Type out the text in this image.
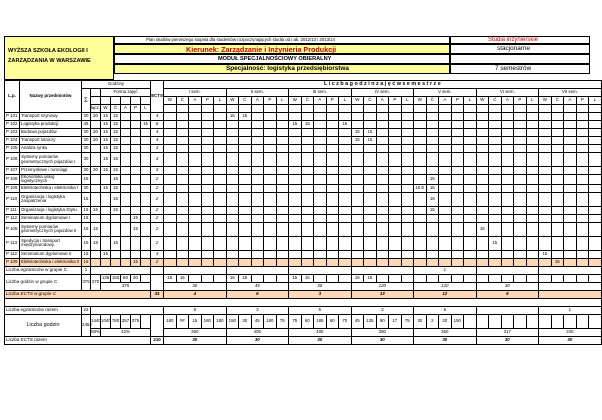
WYŻSZA SZKOŁA EKOLOGII I
ZARZĄDZANIA W WARSZAWIE
Plan studiów pierwszego stopnia dla studentów rozpoczynających studia od r.ak. 2012/13 i 2013/14	Studia inżynierskie
Kierunek: Zarządzanie i Inżynieria Produkcji	stacjonarne
MODUŁ SPECJALNOŚCIOWY OBIERALNY
Specjalność: logistyka przedsiębiorstwa	7 semestrów
L.p.	Nazwy przedmiotów	Godziny							ECTS	L i c z b a g o d z i n z a j ę ć w s e m e s t r z e																																		
		Σ		Forma zajęć						I sem.					II sem.					III sem.					IV sem.					V sem.					VI sem.					VII sem.				
										W	Ć	A	P	L	W	Ć	A	P	L	W	Ć	A	P	L	W	Ć	A	P	L	W	Ć	A	P	L	W	Ć	A	P	L	W	Ć	A	P	L
			łącz.	W	Ć	A	P	L																																				
P 101	Transport szynowy	30	30	15	15				4						15	15																												
P 102	Logistyka produkcji	45		15	15			15	6											15	15			15																				
P 103	Budowa pojazdów	30	30	15	15				4																15	15																		
P 104	Transport lotniczy	30	30	15	15				4																15	15																		
P 105	Analiza rynku	30		15	15				3																																			
P 106	Systemy pomiarów geometrycznych pojazdów I	30		15	15				3																																			
P 107	Przemysłowe i rurociągi	30	30	15	15				3																																			
P 108	Ekonomika usług logistycznych	15			15				2																						15													
P 109	Elektrotechnika i elektronika I	30		15	15				2																					15 E	15													
P 110	Organizacja i logistyka zaopatrzenia	15			15				2																						15													
P 111	Organizacja i logistyka zbytu	15	15		15				2																						15													
P 112	Seminarium dyplomowe I	15					15		2																																			
P 106	Systemy pomiarów geometrycznych pojazdów II	15	15				15		2																										15									
P 113	Spedycja i transport międzynarodowy	15	15		15				2																											15								
P 112	Seminarium dyplomowe II	15		15					3																															15				
P 109	Elektrotechnika i elektronika II	15					15		2																																15			
Liczba egzaminów w grupie C		1																												1														
Liczba godzin w grupie C		375	270	135	150	60	30			15	15				15	15				15	15				15	15																		
				375						30					45					30					120					120					30									
Liczba ECTS w grupie C									43	4					6					3					13					12					5									

Liczba egzaminów razem		22								5					3					5					3					5										1				
Liczba godzin		2452	1440	1040	780	257	375			180	##	15	180	180	150	30	45	180	75	75	60	185	60	70	45	135	90	17	75	30	2	20	150											
			59%	42%						360					405					405					390					360					317					245				
Liczba ECTS razem									210	30					30					30					30					30					30					30				
